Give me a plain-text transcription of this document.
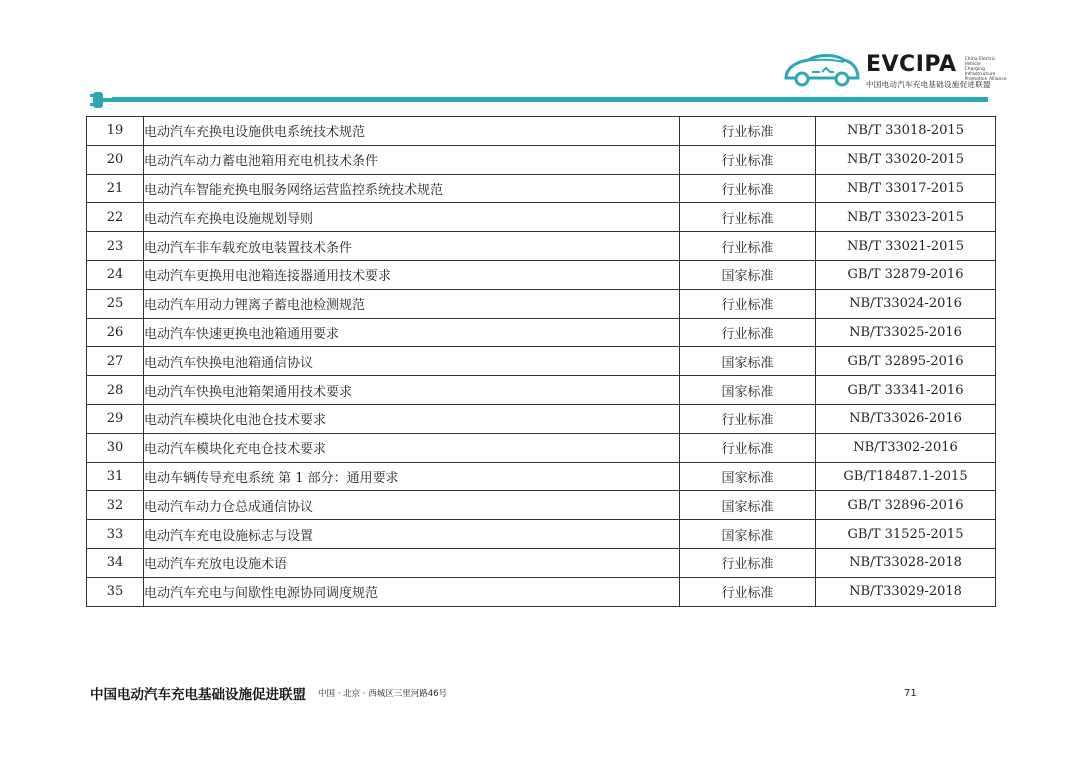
EVCIPA China Electric Vehicle
Charging Infrastructure
Promotion Alliance
中国电动汽车充电基础设施促进联盟
19	电动汽车充换电设施供电系统技术规范	行业标准	NB/T 33018-2015
20	电动汽车动力蓄电池箱用充电机技术条件	行业标准	NB/T 33020-2015
21	电动汽车智能充换电服务网络运营监控系统技术规范	行业标准	NB/T 33017-2015
22	电动汽车充换电设施规划导则	行业标准	NB/T 33023-2015
23	电动汽车非车载充放电装置技术条件	行业标准	NB/T 33021-2015
24	电动汽车更换用电池箱连接器通用技术要求	国家标准	GB/T 32879-2016
25	电动汽车用动力锂离子蓄电池检测规范	行业标准	NB/T33024-2016
26	电动汽车快速更换电池箱通用要求	行业标准	NB/T33025-2016
27	电动汽车快换电池箱通信协议	国家标准	GB/T 32895-2016
28	电动汽车快换电池箱架通用技术要求	国家标准	GB/T 33341-2016
29	电动汽车模块化电池仓技术要求	行业标准	NB/T33026-2016
30	电动汽车模块化充电仓技术要求	行业标准	NB/T3302-2016
31	电动车辆传导充电系统 第 1 部分：通用要求	国家标准	GB/T18487.1-2015
32	电动汽车动力仓总成通信协议	国家标准	GB/T 32896-2016
33	电动汽车充电设施标志与设置	国家标准	GB/T 31525-2015
34	电动汽车充放电设施术语	行业标准	NB/T33028-2018
35	电动汽车充电与间歇性电源协同调度规范	行业标准	NB/T33029-2018
中国电动汽车充电基础设施促进联盟 中国 · 北京 · 西城区三里河路46号	71
